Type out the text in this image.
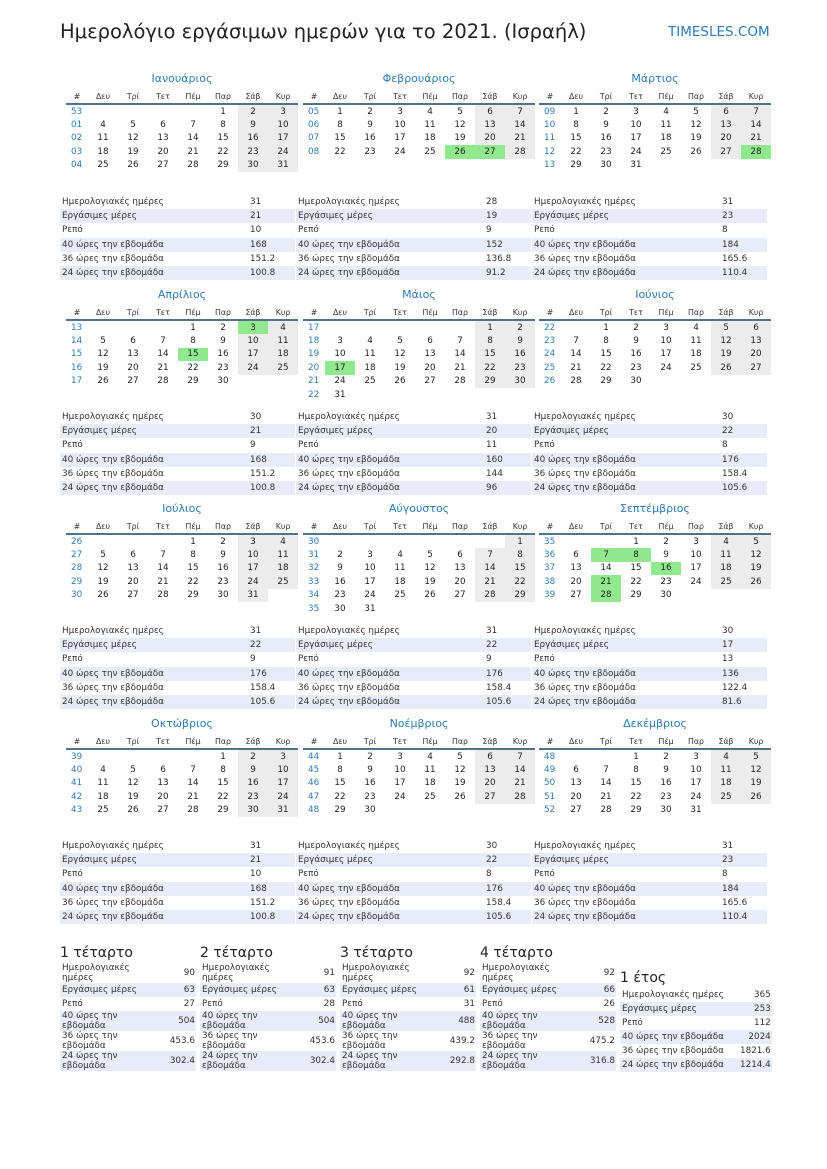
Ημερολόγιο εργάσιμων ημερών για το 2021. (Ισραήλ)	TIMESLES.COM
Ιανουάριος
#	Δευ	Τρί	Τετ	Πέμ	Παρ	Σάβ	Κυρ
53					1	2	3
01	4	5	6	7	8	9	10
02	11	12	13	14	15	16	17
03	18	19	20	21	22	23	24
04	25	26	27	28	29	30	31
Ημερολογιακές ημέρες	31
Εργάσιμες μέρες	21
Ρεπό	10
40 ώρες την εβδομάδα	168
36 ώρες την εβδομάδα	151.2
24 ώρες την εβδομάδα	100.8
Φεβρουάριος
#	Δευ	Τρί	Τετ	Πέμ	Παρ	Σάβ	Κυρ
05	1	2	3	4	5	6	7
06	8	9	10	11	12	13	14
07	15	16	17	18	19	20	21
08	22	23	24	25	26	27	28
Ημερολογιακές ημέρες	28
Εργάσιμες μέρες	19
Ρεπό	9
40 ώρες την εβδομάδα	152
36 ώρες την εβδομάδα	136.8
24 ώρες την εβδομάδα	91.2
Μάρτιος
#	Δευ	Τρί	Τετ	Πέμ	Παρ	Σάβ	Κυρ
09	1	2	3	4	5	6	7
10	8	9	10	11	12	13	14
11	15	16	17	18	19	20	21
12	22	23	24	25	26	27	28
13	29	30	31				
Ημερολογιακές ημέρες	31
Εργάσιμες μέρες	23
Ρεπό	8
40 ώρες την εβδομάδα	184
36 ώρες την εβδομάδα	165.6
24 ώρες την εβδομάδα	110.4
Απρίλιος
#	Δευ	Τρί	Τετ	Πέμ	Παρ	Σάβ	Κυρ
13				1	2	3	4
14	5	6	7	8	9	10	11
15	12	13	14	15	16	17	18
16	19	20	21	22	23	24	25
17	26	27	28	29	30		
Ημερολογιακές ημέρες	30
Εργάσιμες μέρες	21
Ρεπό	9
40 ώρες την εβδομάδα	168
36 ώρες την εβδομάδα	151.2
24 ώρες την εβδομάδα	100.8
Μάιος
#	Δευ	Τρί	Τετ	Πέμ	Παρ	Σάβ	Κυρ
17						1	2
18	3	4	5	6	7	8	9
19	10	11	12	13	14	15	16
20	17	18	19	20	21	22	23
21	24	25	26	27	28	29	30
22	31						
Ημερολογιακές ημέρες	31
Εργάσιμες μέρες	20
Ρεπό	11
40 ώρες την εβδομάδα	160
36 ώρες την εβδομάδα	144
24 ώρες την εβδομάδα	96
Ιούνιος
#	Δευ	Τρί	Τετ	Πέμ	Παρ	Σάβ	Κυρ
22		1	2	3	4	5	6
23	7	8	9	10	11	12	13
24	14	15	16	17	18	19	20
25	21	22	23	24	25	26	27
26	28	29	30				
Ημερολογιακές ημέρες	30
Εργάσιμες μέρες	22
Ρεπό	8
40 ώρες την εβδομάδα	176
36 ώρες την εβδομάδα	158.4
24 ώρες την εβδομάδα	105.6
Ιούλιος
#	Δευ	Τρί	Τετ	Πέμ	Παρ	Σάβ	Κυρ
26				1	2	3	4
27	5	6	7	8	9	10	11
28	12	13	14	15	16	17	18
29	19	20	21	22	23	24	25
30	26	27	28	29	30	31	
Ημερολογιακές ημέρες	31
Εργάσιμες μέρες	22
Ρεπό	9
40 ώρες την εβδομάδα	176
36 ώρες την εβδομάδα	158.4
24 ώρες την εβδομάδα	105.6
Αύγουστος
#	Δευ	Τρί	Τετ	Πέμ	Παρ	Σάβ	Κυρ
30							1
31	2	3	4	5	6	7	8
32	9	10	11	12	13	14	15
33	16	17	18	19	20	21	22
34	23	24	25	26	27	28	29
35	30	31					
Ημερολογιακές ημέρες	31
Εργάσιμες μέρες	22
Ρεπό	9
40 ώρες την εβδομάδα	176
36 ώρες την εβδομάδα	158.4
24 ώρες την εβδομάδα	105.6
Σεπτέμβριος
#	Δευ	Τρί	Τετ	Πέμ	Παρ	Σάβ	Κυρ
35			1	2	3	4	5
36	6	7	8	9	10	11	12
37	13	14	15	16	17	18	19
38	20	21	22	23	24	25	26
39	27	28	29	30			
Ημερολογιακές ημέρες	30
Εργάσιμες μέρες	17
Ρεπό	13
40 ώρες την εβδομάδα	136
36 ώρες την εβδομάδα	122.4
24 ώρες την εβδομάδα	81.6
Οκτώβριος
#	Δευ	Τρί	Τετ	Πέμ	Παρ	Σάβ	Κυρ
39					1	2	3
40	4	5	6	7	8	9	10
41	11	12	13	14	15	16	17
42	18	19	20	21	22	23	24
43	25	26	27	28	29	30	31
Ημερολογιακές ημέρες	31
Εργάσιμες μέρες	21
Ρεπό	10
40 ώρες την εβδομάδα	168
36 ώρες την εβδομάδα	151.2
24 ώρες την εβδομάδα	100.8
Νοέμβριος
#	Δευ	Τρί	Τετ	Πέμ	Παρ	Σάβ	Κυρ
44	1	2	3	4	5	6	7
45	8	9	10	11	12	13	14
46	15	16	17	18	19	20	21
47	22	23	24	25	26	27	28
48	29	30					
Ημερολογιακές ημέρες	30
Εργάσιμες μέρες	22
Ρεπό	8
40 ώρες την εβδομάδα	176
36 ώρες την εβδομάδα	158.4
24 ώρες την εβδομάδα	105.6
Δεκέμβριος
#	Δευ	Τρί	Τετ	Πέμ	Παρ	Σάβ	Κυρ
48			1	2	3	4	5
49	6	7	8	9	10	11	12
50	13	14	15	16	17	18	19
51	20	21	22	23	24	25	26
52	27	28	29	30	31		
Ημερολογιακές ημέρες	31
Εργάσιμες μέρες	23
Ρεπό	8
40 ώρες την εβδομάδα	184
36 ώρες την εβδομάδα	165.6
24 ώρες την εβδομάδα	110.4
1 τέταρτο
Ημερολογιακές ημέρες	90
Εργάσιμες μέρες	63
Ρεπό	27
40 ώρες την εβδομάδα	504
36 ώρες την εβδομάδα	453.6
24 ώρες την εβδομάδα	302.4
2 τέταρτο
Ημερολογιακές ημέρες	91
Εργάσιμες μέρες	63
Ρεπό	28
40 ώρες την εβδομάδα	504
36 ώρες την εβδομάδα	453.6
24 ώρες την εβδομάδα	302.4
3 τέταρτο
Ημερολογιακές ημέρες	92
Εργάσιμες μέρες	61
Ρεπό	31
40 ώρες την εβδομάδα	488
36 ώρες την εβδομάδα	439.2
24 ώρες την εβδομάδα	292.8
4 τέταρτο
Ημερολογιακές ημέρες	92
Εργάσιμες μέρες	66
Ρεπό	26
40 ώρες την εβδομάδα	528
36 ώρες την εβδομάδα	475.2
24 ώρες την εβδομάδα	316.8
1 έτος
Ημερολογιακές ημέρες	365
Εργάσιμες μέρες	253
Ρεπό	112
40 ώρες την εβδομάδα	2024
36 ώρες την εβδομάδα	1821.6
24 ώρες την εβδομάδα	1214.4
